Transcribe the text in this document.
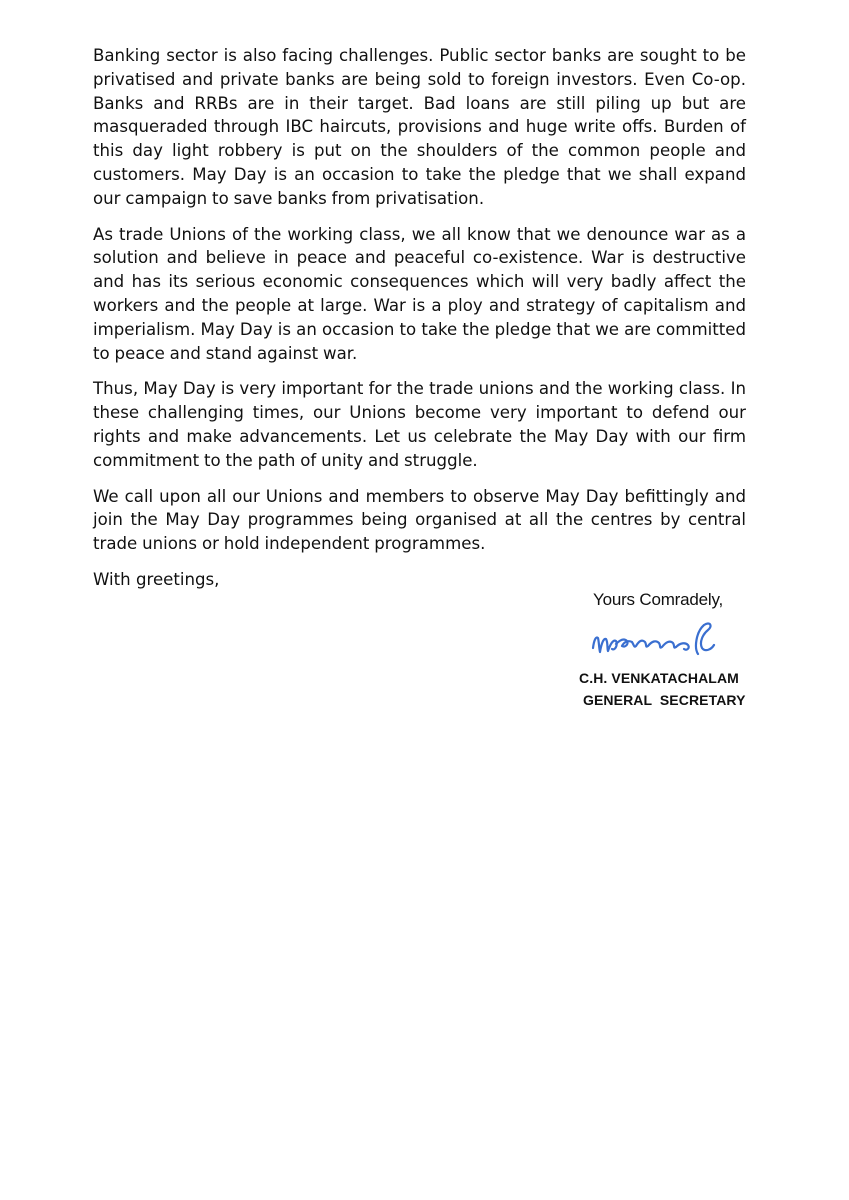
Banking sector is also facing challenges. Public sector banks are sought to be privatised and private banks are being sold to foreign investors. Even Co-op. Banks and RRBs are in their target. Bad loans are still piling up but are masqueraded through IBC haircuts, provisions and huge write offs. Burden of this day light robbery is put on the shoulders of the common people and customers. May Day is an occasion to take the pledge that we shall expand our campaign to save banks from privatisation.

As trade Unions of the working class, we all know that we denounce war as a solution and believe in peace and peaceful co-existence. War is destructive and has its serious economic consequences which will very badly affect the workers and the people at large. War is a ploy and strategy of capitalism and imperialism. May Day is an occasion to take the pledge that we are committed to peace and stand against war.

Thus, May Day is very important for the trade unions and the working class. In these challenging times, our Unions become very important to defend our rights and make advancements. Let us celebrate the May Day with our firm commitment to the path of unity and struggle.

We call upon all our Unions and members to observe May Day befittingly and join the May Day programmes being organised at all the centres by central trade unions or hold independent programmes.

With greetings,

Yours Comradely,
C.H. VENKATACHALAM
GENERAL  SECRETARY
